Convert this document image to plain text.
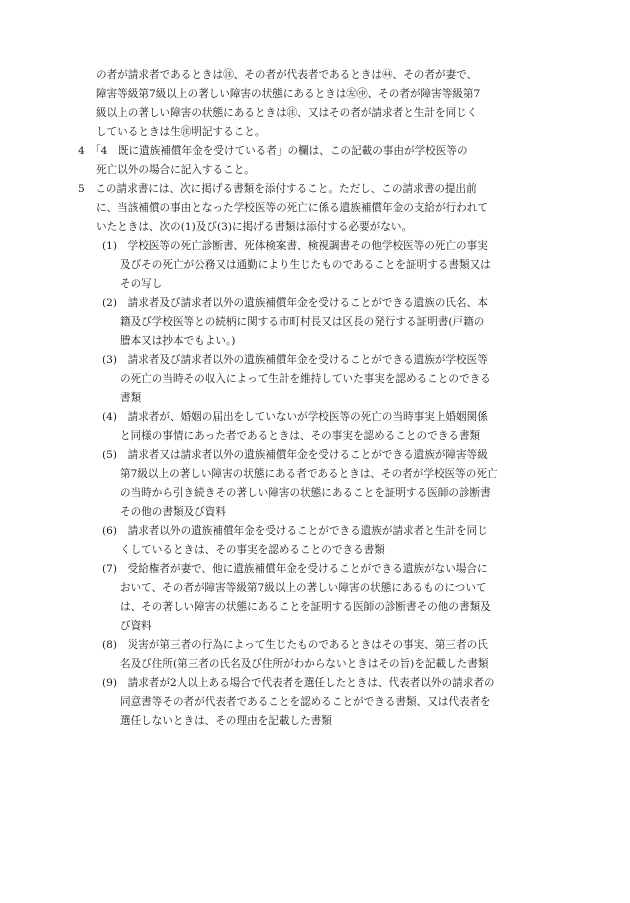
の者が請求者であるときは㊟、その者が代表者であるときは㊹、その者が妻で、
障害等級第7級以上の著しい障害の状態にあるときは㊧㊥、その者が障害等級第7
級以上の著しい障害の状態にあるときは㊟、又はその者が請求者と生計を同じく
しているときは生㊟明記すること。
4　「4　既に遺族補償年金を受けている者」の欄は、この記載の事由が学校医等の
死亡以外の場合に記入すること。
5　この請求書には、次に掲げる書類を添付すること。ただし、この請求書の提出前
に、当該補償の事由となった学校医等の死亡に係る遺族補償年金の支給が行われて
いたときは、次の(1)及び(3)に掲げる書類は添付する必要がない。
(1)　学校医等の死亡診断書、死体検案書、検視調書その他学校医等の死亡の事実
及びその死亡が公務又は通勤により生じたものであることを証明する書類又は
その写し
(2)　請求者及び請求者以外の遺族補償年金を受けることができる遺族の氏名、本
籍及び学校医等との続柄に関する市町村長又は区長の発行する証明書(戸籍の
謄本又は抄本でもよい。)
(3)　請求者及び請求者以外の遺族補償年金を受けることができる遺族が学校医等
の死亡の当時その収入によって生計を維持していた事実を認めることのできる
書類
(4)　請求者が、婚姻の届出をしていないが学校医等の死亡の当時事実上婚姻関係
と同様の事情にあった者であるときは、その事実を認めることのできる書類
(5)　請求者又は請求者以外の遺族補償年金を受けることができる遺族が障害等級
第7級以上の著しい障害の状態にある者であるときは、その者が学校医等の死亡
の当時から引き続きその著しい障害の状態にあることを証明する医師の診断書
その他の書類及び資料
(6)　請求者以外の遺族補償年金を受けることができる遺族が請求者と生計を同じ
くしているときは、その事実を認めることのできる書類
(7)　受給権者が妻で、他に遺族補償年金を受けることができる遺族がない場合に
おいて、その者が障害等級第7級以上の著しい障害の状態にあるものについて
は、その著しい障害の状態にあることを証明する医師の診断書その他の書類及
び資料
(8)　災害が第三者の行為によって生じたものであるときはその事実、第三者の氏
名及び住所(第三者の氏名及び住所がわからないときはその旨)を記載した書類
(9)　請求者が2人以上ある場合で代表者を選任したときは、代表者以外の請求者の
同意書等その者が代表者であることを認めることができる書類、又は代表者を
選任しないときは、その理由を記載した書類
